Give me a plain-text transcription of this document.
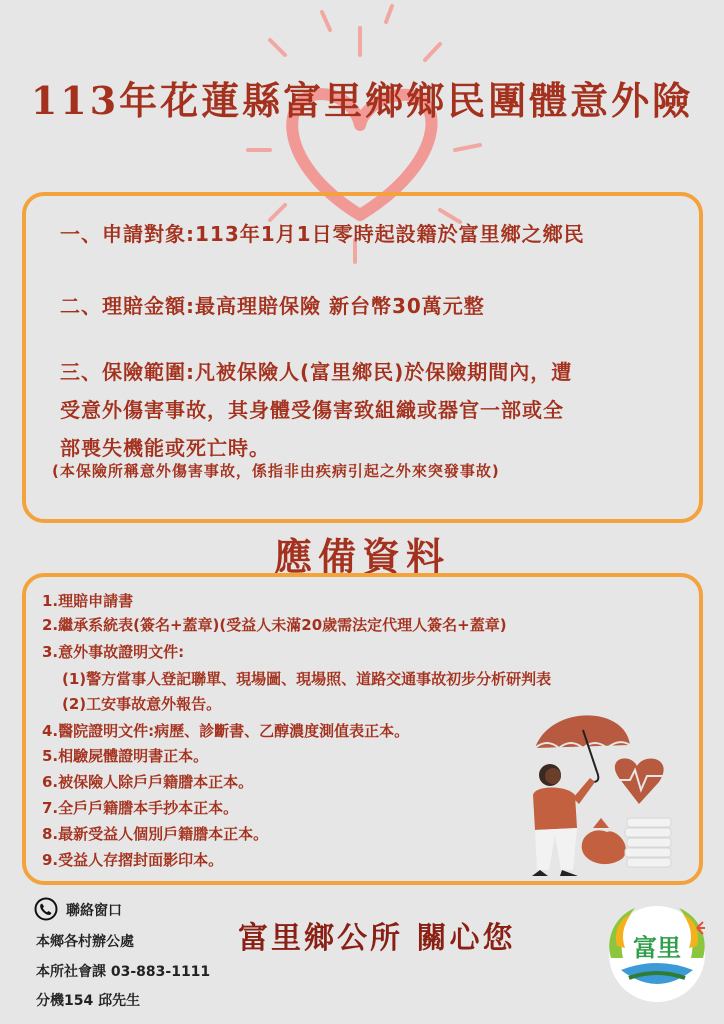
113年花蓮縣富里鄉鄉民團體意外險
一、申請對象:113年1月1日零時起設籍於富里鄉之鄉民
二、理賠金額:最高理賠保險 新台幣30萬元整
三、保險範圍:凡被保險人(富里鄉民)於保險期間內，遭
受意外傷害事故，其身體受傷害致組織或器官一部或全
部喪失機能或死亡時。
(本保險所稱意外傷害事故，係指非由疾病引起之外來突發事故)
應備資料
1.理賠申請書
2.繼承系統表(簽名+蓋章)(受益人未滿20歲需法定代理人簽名+蓋章)
3.意外事故證明文件:
(1)警方當事人登記聯單、現場圖、現場照、道路交通事故初步分析研判表
(2)工安事故意外報告。
4.醫院證明文件:病歷、診斷書、乙醇濃度測值表正本。
5.相驗屍體證明書正本。
6.被保險人除戶戶籍謄本正本。
7.全戶戶籍謄本手抄本正本。
8.最新受益人個別戶籍謄本正本。
9.受益人存摺封面影印本。
聯絡窗口
本鄉各村辦公處
本所社會課 03-883-1111
分機154 邱先生
富里鄉公所 關心您	富里
